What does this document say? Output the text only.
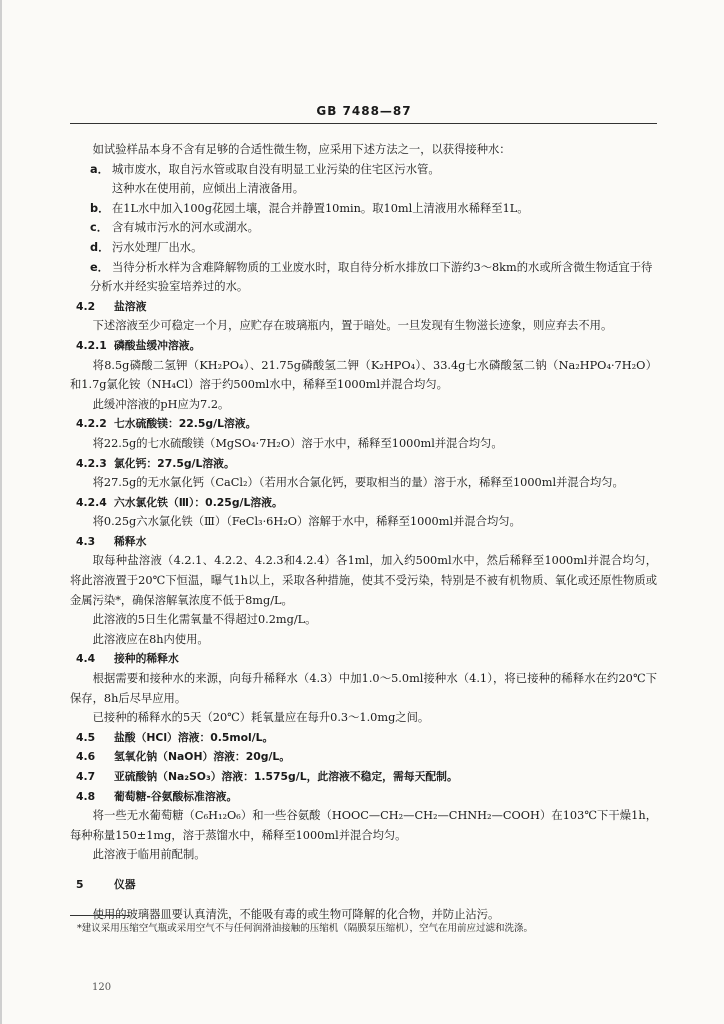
GB 7488—87

如试验样品本身不含有足够的合适性微生物，应采用下述方法之一，以获得接种水：

a． 城市废水，取自污水管或取自没有明显工业污染的住宅区污水管。

这种水在使用前，应倾出上清液备用。

b． 在1L水中加入100g花园土壤，混合并静置10min。取10ml上清液用水稀释至1L。

c． 含有城市污水的河水或湖水。

d． 污水处理厂出水。

e． 当待分析水样为含难降解物质的工业废水时，取自待分析水排放口下游约3～8km的水或所含微生物适宜于待分析水并经实验室培养过的水。

4.2 盐溶液

下述溶液至少可稳定一个月，应贮存在玻璃瓶内，置于暗处。一旦发现有生物滋长迹象，则应弃去不用。

4.2.1 磷酸盐缓冲溶液。

将8.5g磷酸二氢钾（KH₂PO₄）、21.75g磷酸氢二钾（K₂HPO₄）、33.4g七水磷酸氢二钠（Na₂HPO₄·7H₂O）和1.7g氯化铵（NH₄Cl）溶于约500ml水中，稀释至1000ml并混合均匀。

此缓冲溶液的pH应为7.2。

4.2.2 七水硫酸镁：22.5g/L溶液。

将22.5g的七水硫酸镁（MgSO₄·7H₂O）溶于水中，稀释至1000ml并混合均匀。

4.2.3 氯化钙：27.5g/L溶液。

将27.5g的无水氯化钙（CaCl₂）（若用水合氯化钙，要取相当的量）溶于水，稀释至1000ml并混合均匀。

4.2.4 六水氯化铁（Ⅲ）：0.25g/L溶液。

将0.25g六水氯化铁（Ⅲ）（FeCl₃·6H₂O）溶解于水中，稀释至1000ml并混合均匀。

4.3 稀释水

取每种盐溶液（4.2.1、4.2.2、4.2.3和4.2.4）各1ml，加入约500ml水中，然后稀释至1000ml并混合均匀，将此溶液置于20℃下恒温，曝气1h以上，采取各种措施，使其不受污染，特别是不被有机物质、氧化或还原性物质或金属污染*，确保溶解氧浓度不低于8mg/L。

此溶液的5日生化需氧量不得超过0.2mg/L。

此溶液应在8h内使用。

4.4 接种的稀释水

根据需要和接种水的来源，向每升稀释水（4.3）中加1.0～5.0ml接种水（4.1），将已接种的稀释水在约20℃下保存，8h后尽早应用。

已接种的稀释水的5天（20℃）耗氧量应在每升0.3～1.0mg之间。

4.5 盐酸（HCl）溶液：0.5mol/L。

4.6 氢氧化钠（NaOH）溶液：20g/L。

4.7 亚硫酸钠（Na₂SO₃）溶液：1.575g/L，此溶液不稳定，需每天配制。

4.8 葡萄糖-谷氨酸标准溶液。

将一些无水葡萄糖（C₆H₁₂O₆）和一些谷氨酸（HOOC—CH₂—CH₂—CHNH₂—COOH）在103℃下干燥1h，每种称量150±1mg，溶于蒸馏水中，稀释至1000ml并混合均匀。

此溶液于临用前配制。

5	仪器

使用的玻璃器皿要认真清洗，不能吸有毒的或生物可降解的化合物，并防止沾污。

*建议采用压缩空气瓶或采用空气不与任何润滑油接触的压缩机（隔膜泵压缩机），空气在用前应过滤和洗涤。
120
